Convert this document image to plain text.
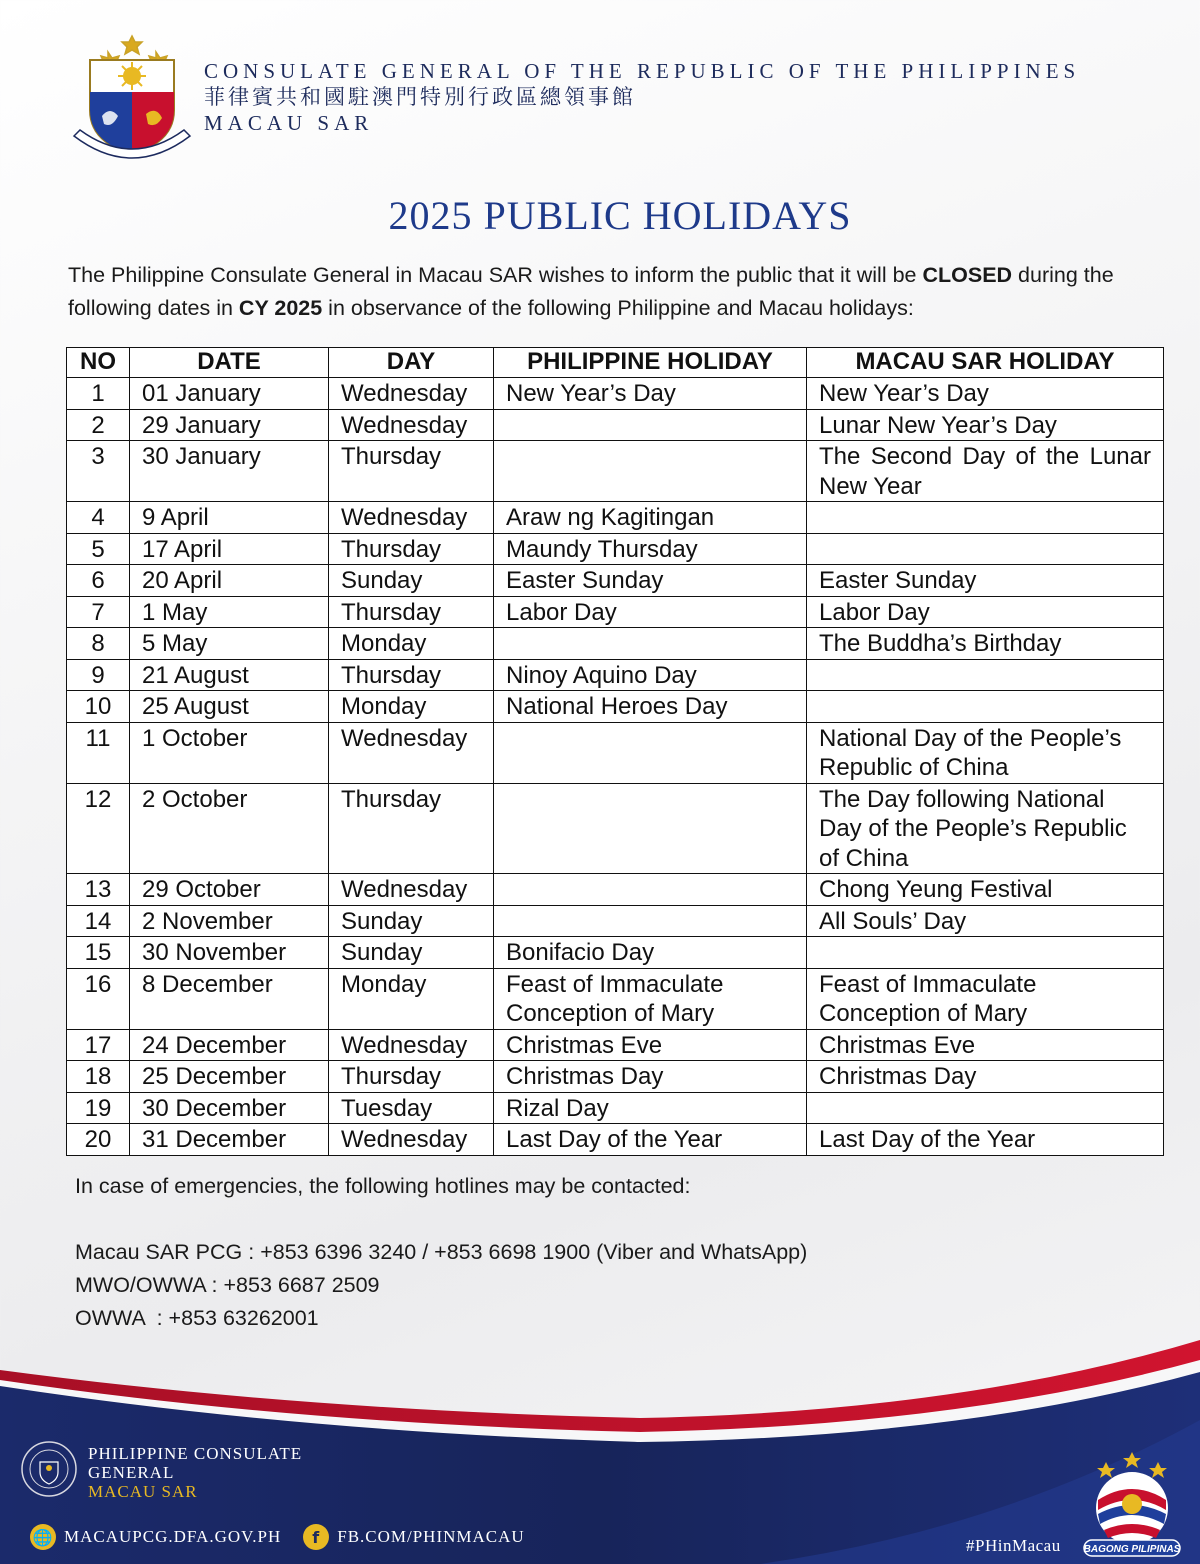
CONSULATE GENERAL OF THE REPUBLIC OF THE PHILIPPINES
菲律賓共和國駐澳門特別行政區總領事館
MACAU SAR
2025 PUBLIC HOLIDAYS

The Philippine Consulate General in Macau SAR wishes to inform the public that it will be CLOSED during the following dates in CY 2025 in observance of the following Philippine and Macau holidays:

NO	DATE	DAY	PHILIPPINE HOLIDAY	MACAU SAR HOLIDAY
1	01 January	Wednesday	New Year’s Day	New Year’s Day
2	29 January	Wednesday		Lunar New Year’s Day
3	30 January	Thursday		The Second Day of the Lunar New Year
4	9 April	Wednesday	Araw ng Kagitingan	
5	17 April	Thursday	Maundy Thursday	
6	20 April	Sunday	Easter Sunday	Easter Sunday
7	1 May	Thursday	Labor Day	Labor Day
8	5 May	Monday		The Buddha’s Birthday
9	21 August	Thursday	Ninoy Aquino Day	
10	25 August	Monday	National Heroes Day	
11	1 October	Wednesday		National Day of the People’s Republic of China
12	2 October	Thursday		The Day following National Day of the People’s Republic of China
13	29 October	Wednesday		Chong Yeung Festival
14	2 November	Sunday		All Souls’ Day
15	30 November	Sunday	Bonifacio Day	
16	8 December	Monday	Feast of Immaculate Conception of Mary	Feast of Immaculate Conception of Mary
17	24 December	Wednesday	Christmas Eve	Christmas Eve
18	25 December	Thursday	Christmas Day	Christmas Day
19	30 December	Tuesday	Rizal Day	
20	31 December	Wednesday	Last Day of the Year	Last Day of the Year

In case of emergencies, the following hotlines may be contacted:

Macau SAR PCG : +853 6396 3240 / +853 6698 1900 (Viber and WhatsApp)

MWO/OWWA : +853 6687 2509

OWWA  : +853 63262001

PHILIPPINE CONSULATE
GENERAL
MACAU SAR
🌐 MACAUPCG.DFA.GOV.PH	f	FB.COM/PHINMACAU	#PHinMacau BAGONG PILIPINAS
